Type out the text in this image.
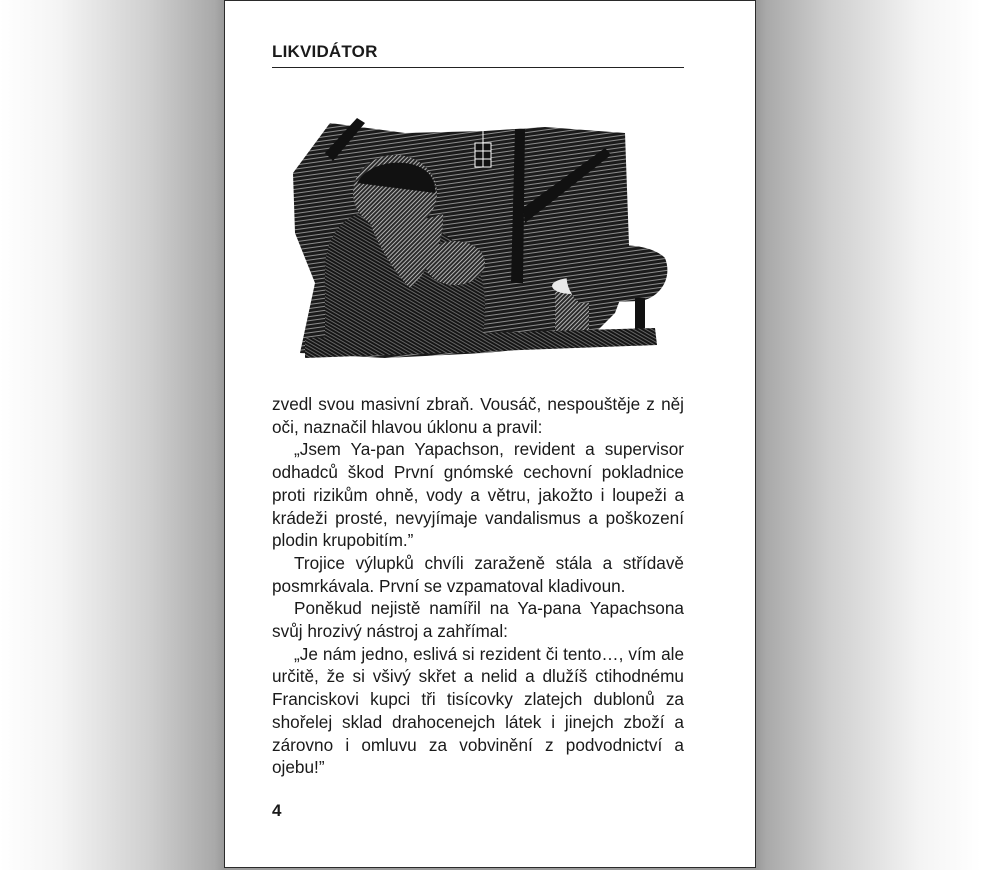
LIKVIDÁTOR

zvedl svou masivní zbraň. Vousáč, nespouštěje z něj oči, naznačil hlavou úklonu a pravil:

„Jsem Ya-pan Yapachson, revident a supervisor odhadců škod První gnómské cechovní pokladnice proti rizikům ohně, vody a větru, jakožto i loupeži a krádeži prosté, nevyjímaje vandalismus a poškození plodin krupobitím.”

Trojice výlupků chvíli zaraženě stála a střídavě posmrkávala. První se vzpamatoval kladivoun.

Poněkud nejistě namířil na Ya-pana Yapachsona svůj hrozivý nástroj a zahřímal:

„Je nám jedno, eslivá si rezident či tento…, vím ale určitě, že si všivý skřet a nelid a dlužíš ctihodnému Franciskovi kupci tři tisícovky zlatejch dublonů za shořelej sklad drahocenejch látek i jinejch zboží a zárovno i omluvu za vobvinění z podvodnictví a ojebu!”

4
